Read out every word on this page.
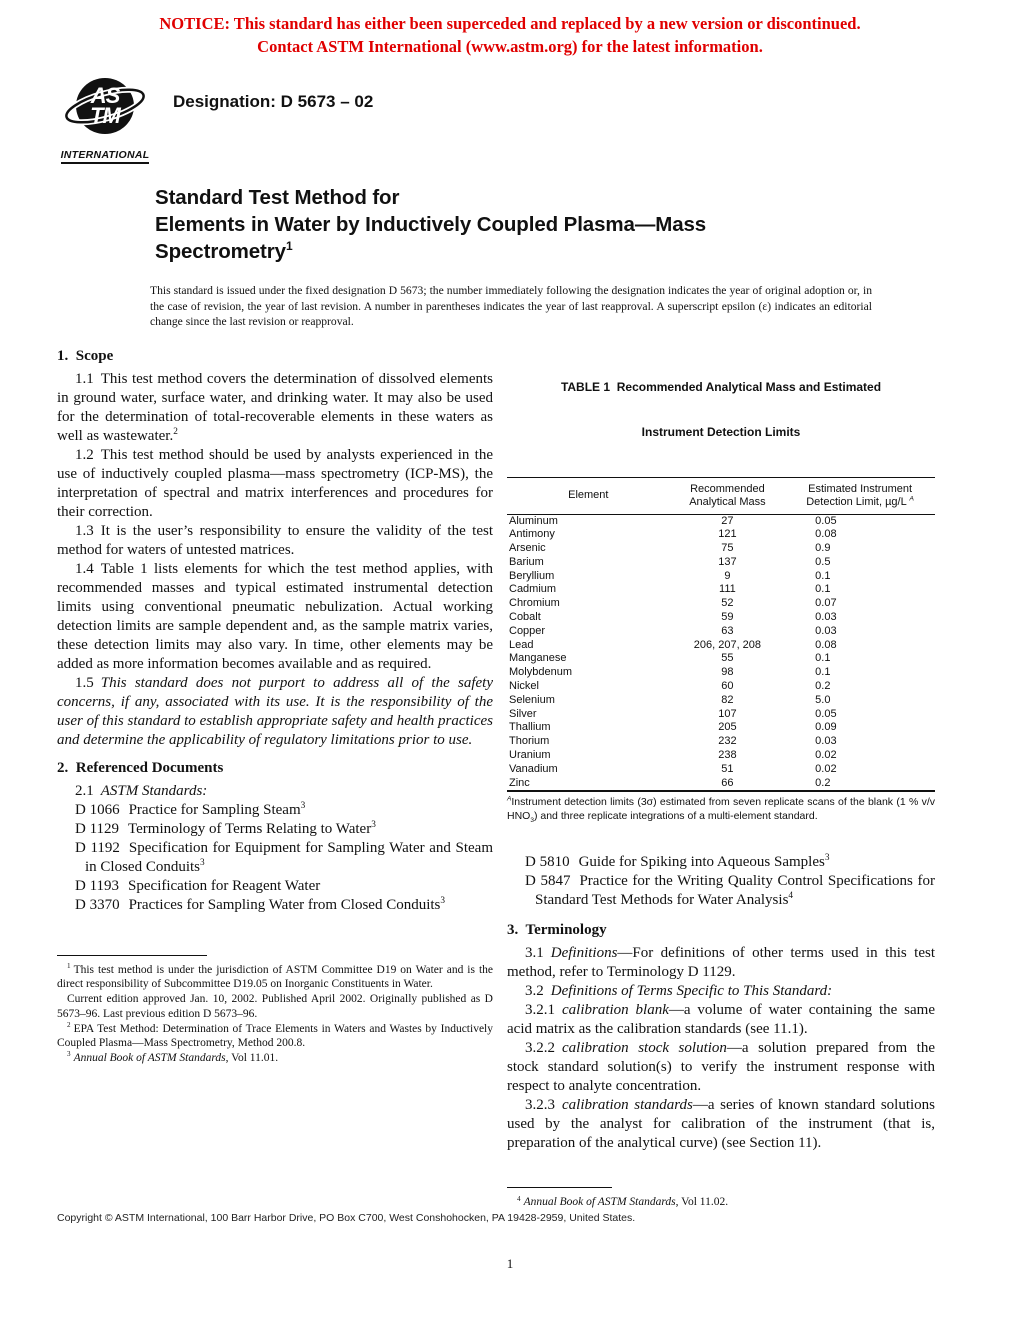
NOTICE: This standard has either been superceded and replaced by a new version or discontinued.
Contact ASTM International (www.astm.org) for the latest information.
AS
TM
INTERNATIONAL
Designation: D 5673 – 02
Standard Test Method for
Elements in Water by Inductively Coupled Plasma—Mass
Spectrometry$^1$

This standard is issued under the fixed designation D 5673; the number immediately following the designation indicates the year of original adoption or, in the case of revision, the year of last revision. A number in parentheses indicates the year of last reapproval. A superscript epsilon (ε) indicates an editorial change since the last revision or reapproval.

1.  Scope

1.1 This test method covers the determination of dissolved elements in ground water, surface water, and drinking water. It may also be used for the determination of total-recoverable elements in these waters as well as wastewater.$^2$

1.2 This test method should be used by analysts experienced in the use of inductively coupled plasma—mass spectrometry (ICP-MS), the interpretation of spectral and matrix interferences and procedures for their correction.

1.3 It is the user’s responsibility to ensure the validity of the test method for waters of untested matrices.

1.4 Table 1 lists elements for which the test method applies, with recommended masses and typical estimated instrumental detection limits using conventional pneumatic nebulization. Actual working detection limits are sample dependent and, as the sample matrix varies, these detection limits may also vary. In time, other elements may be added as more information becomes available and as required.

1.5 This standard does not purport to address all of the safety concerns, if any, associated with its use. It is the responsibility of the user of this standard to establish appropriate safety and health practices and determine the applicability of regulatory limitations prior to use.

2.  Referenced Documents

2.1 ASTM Standards:

D 1066 Practice for Sampling Steam$^3$

D 1129 Terminology of Terms Relating to Water$^3$

D 1192 Specification for Equipment for Sampling Water and Steam in Closed Conduits$^3$

D 1193 Specification for Reagent Water

D 3370 Practices for Sampling Water from Closed Conduits$^3$

$^1$ This test method is under the jurisdiction of ASTM Committee D19 on Water and is the direct responsibility of Subcommittee D19.05 on Inorganic Constituents in Water.

Current edition approved Jan. 10, 2002. Published April 2002. Originally published as D 5673–96. Last previous edition D 5673–96.

$^2$ EPA Test Method: Determination of Trace Elements in Waters and Wastes by Inductively Coupled Plasma—Mass Spectrometry, Method 200.8.

$^3$ Annual Book of ASTM Standards, Vol 11.01.

TABLE 1  Recommended Analytical Mass and Estimated

Instrument Detection Limits

Element	Recommended Analytical Mass	Estimated Instrument Detection Limit, µg/L $^A$
Aluminum	27	0.05
Antimony	121	0.08
Arsenic	75	0.9
Barium	137	0.5
Beryllium	9	0.1
Cadmium	111	0.1
Chromium	52	0.07
Cobalt	59	0.03
Copper	63	0.03
Lead	206, 207, 208	0.08
Manganese	55	0.1
Molybdenum	98	0.1
Nickel	60	0.2
Selenium	82	5.0
Silver	107	0.05
Thallium	205	0.09
Thorium	232	0.03
Uranium	238	0.02
Vanadium	51	0.02
Zinc	66	0.2

$^A$Instrument detection limits (3σ) estimated from seven replicate scans of the blank (1 % v/v $HNO_3$) and three replicate integrations of a multi-element standard.

D 5810 Guide for Spiking into Aqueous Samples$^3$

D 5847 Practice for the Writing Quality Control Specifications for Standard Test Methods for Water Analysis$^4$

3.  Terminology

3.1 Definitions—For definitions of other terms used in this test method, refer to Terminology D 1129.

3.2 Definitions of Terms Specific to This Standard:

3.2.1 calibration blank—a volume of water containing the same acid matrix as the calibration standards (see 11.1).

3.2.2 calibration stock solution—a solution prepared from the stock standard solution(s) to verify the instrument response with respect to analyte concentration.

3.2.3 calibration standards—a series of known standard solutions used by the analyst for calibration of the instrument (that is, preparation of the analytical curve) (see Section 11).

$^4$ Annual Book of ASTM Standards, Vol 11.02.

Copyright © ASTM International, 100 Barr Harbor Drive, PO Box C700, West Conshohocken, PA 19428-2959, United States.
1
